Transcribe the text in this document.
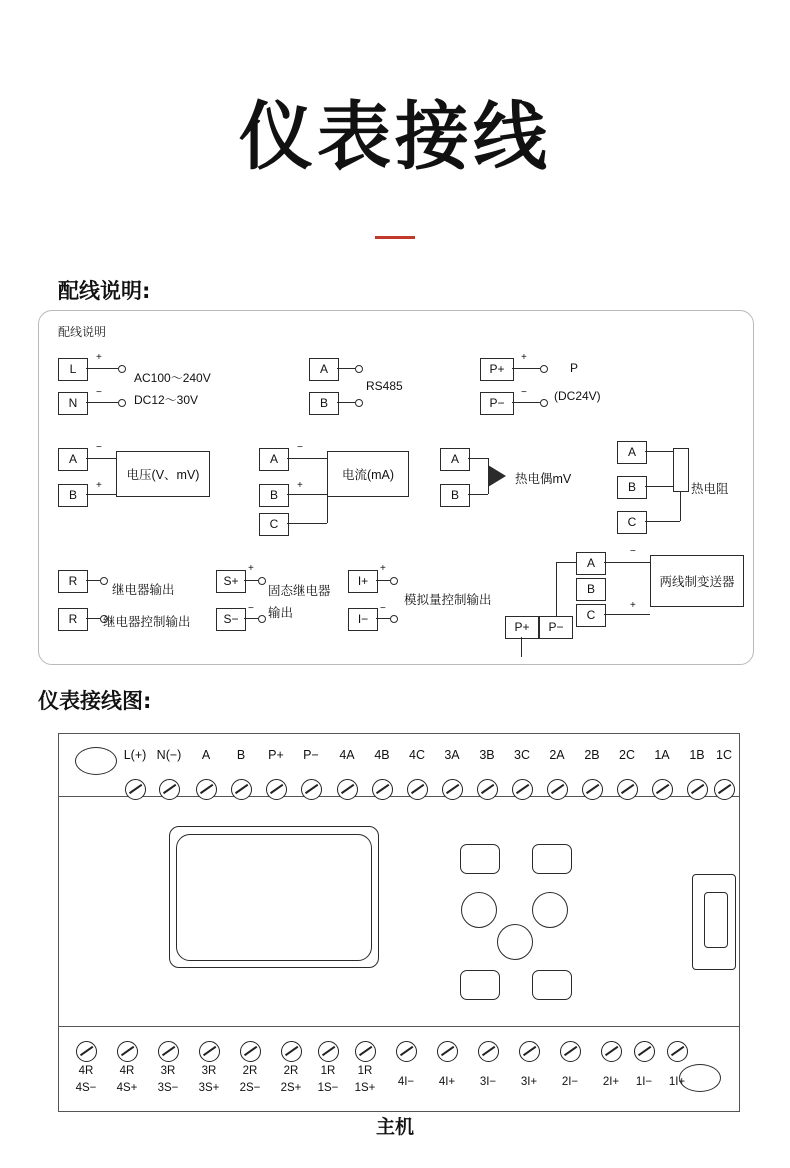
仪表接线
配线说明:
配线说明
L
N
+
−
AC100～240V
DC12～30V
A
B
RS485
P+
P−
+
−
P
(DC24V)
A
B
−
+
电压(V、mV)
A
B
C
−
+
电流(mA)
A
B
热电偶mV
A
B
C
热电阻
R
R
继电器输出
继电器控制输出
S+
S−
+
−
固态继电器
输出
I+
I−
+
−
模拟量控制输出
A
B
C
P+	P−
−
+
两线制变送器
仪表接线图:
L(+) N(−)	A	B	P+	P−	4A	4B	4C	3A	3B	3C	2A	2B	2C	1A	1B 1C
4R	4R	3R	3R	2R	2R	1R	1R
4S−	4S+	3S−	3S+	2S−	2S+	1S−	1S+	4I−	4I+	3I−	3I+	2I−	2I+	1I−	1I+
主机
